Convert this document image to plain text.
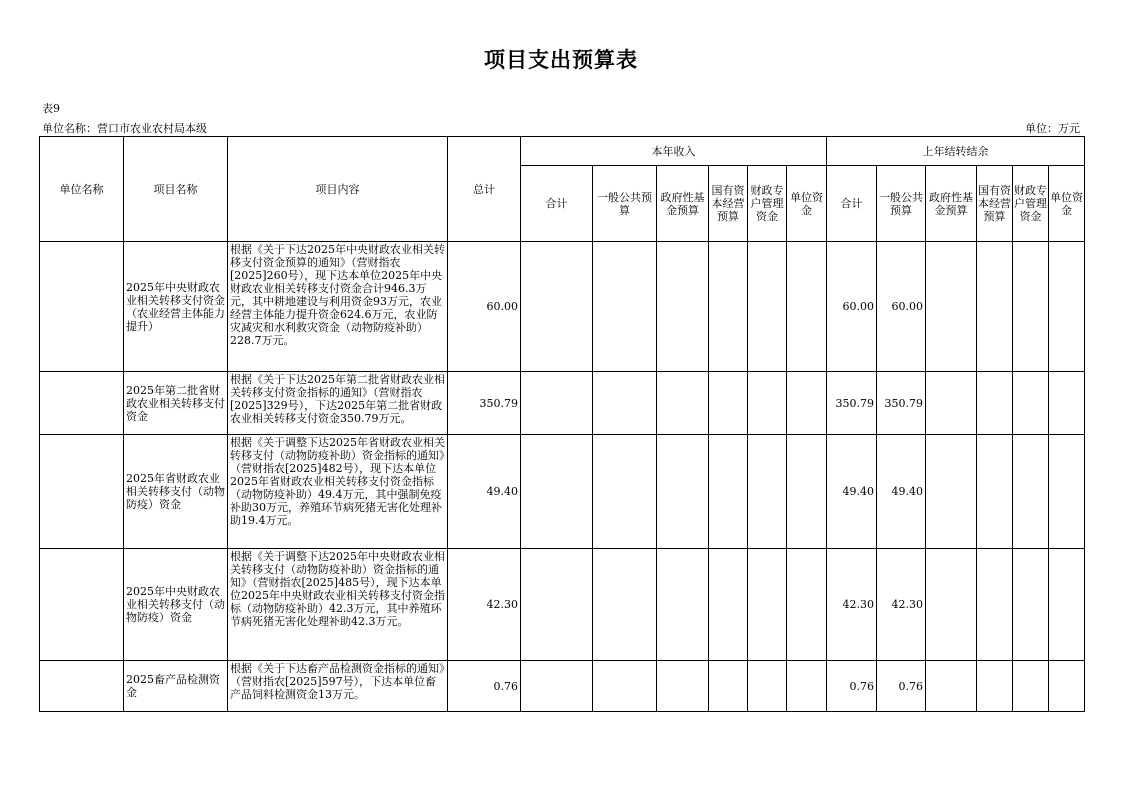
项目支出预算表
表9
单位名称：营口市农业农村局本级	单位：万元
单位名称	项目名称	项目内容	总计	本年收入						上年结转结余					
				合计	一般公共预算	政府性基金预算	国有资本经营预算	财政专户管理资金	单位资金	合计	一般公共预算	政府性基金预算	国有资本经营预算	财政专户管理资金	单位资金
	2025年中央财政农业相关转移支付资金（农业经营主体能力提升）	根据《关于下达2025年中央财政农业相关转移支付资金预算的通知》（营财指农[2025]260号），现下达本单位2025年中央财政农业相关转移支付资金合计946.3万元，其中耕地建设与利用资金93万元，农业经营主体能力提升资金624.6万元，农业防灾减灾和水利救灾资金（动物防疫补助）228.7万元。	60.00							60.00	60.00				
	2025年第二批省财政农业相关转移支付资金	根据《关于下达2025年第二批省财政农业相关转移支付资金指标的通知》（营财指农[2025]329号），下达2025年第二批省财政农业相关转移支付资金350.79万元。	350.79							350.79	350.79				
	2025年省财政农业相关转移支付（动物防疫）资金	根据《关于调整下达2025年省财政农业相关转移支付（动物防疫补助）资金指标的通知》（营财指农[2025]482号），现下达本单位2025年省财政农业相关转移支付资金指标（动物防疫补助）49.4万元，其中强制免疫补助30万元，养殖环节病死猪无害化处理补助19.4万元。	49.40							49.40	49.40				
	2025年中央财政农业相关转移支付（动物防疫）资金	根据《关于调整下达2025年中央财政农业相关转移支付（动物防疫补助）资金指标的通知》（营财指农[2025]485号），现下达本单位2025年中央财政农业相关转移支付资金指标（动物防疫补助）42.3万元，其中养殖环节病死猪无害化处理补助42.3万元。	42.30							42.30	42.30				
	2025畜产品检测资金	根据《关于下达畜产品检测资金指标的通知》（营财指农[2025]597号），下达本单位畜产品饲料检测资金13万元。	0.76							0.76	0.76				
